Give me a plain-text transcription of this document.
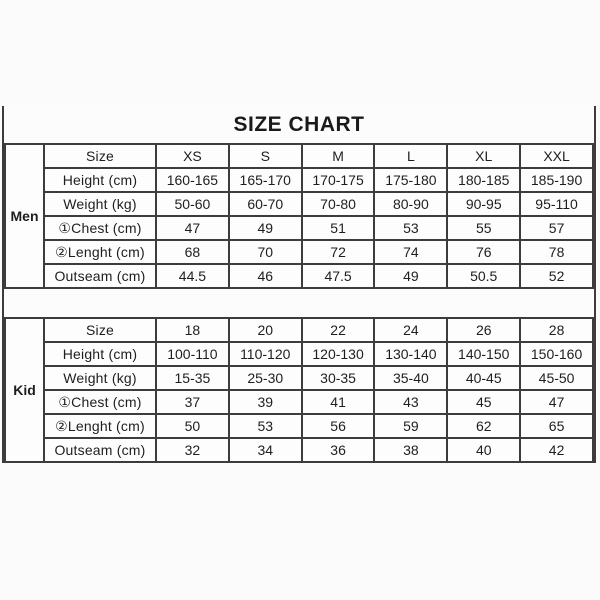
SIZE CHART
Men	Size	XS	S	M	L	XL	XXL
	Height (cm)	160-165	165-170	170-175	175-180	180-185	185-190
	Weight (kg)	50-60	60-70	70-80	80-90	90-95	95-110
	①Chest (cm)	47	49	51	53	55	57
	②Lenght (cm)	68	70	72	74	76	78
	Outseam (cm)	44.5	46	47.5	49	50.5	52
Kid	Size	18	20	22	24	26	28
	Height (cm)	100-110	110-120	120-130	130-140	140-150	150-160
	Weight (kg)	15-35	25-30	30-35	35-40	40-45	45-50
	①Chest (cm)	37	39	41	43	45	47
	②Lenght (cm)	50	53	56	59	62	65
	Outseam (cm)	32	34	36	38	40	42
